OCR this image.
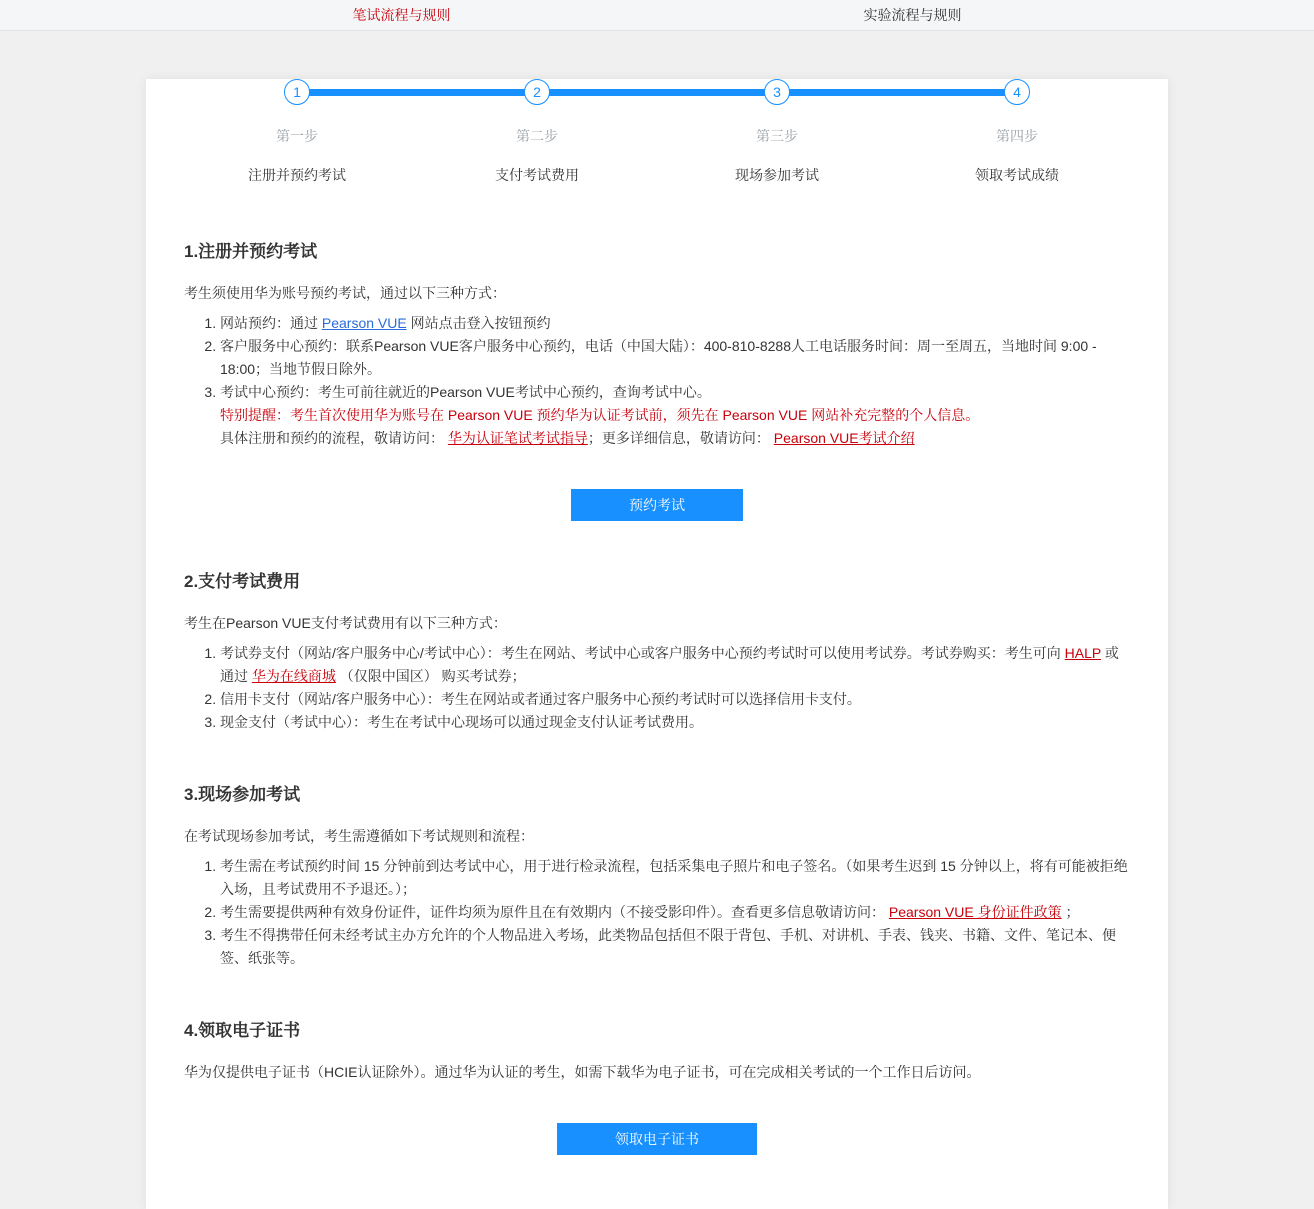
笔试流程与规则	实验流程与规则
1
第一步
注册并预约考试
2
第二步
支付考试费用
3
第三步
现场参加考试
4
第四步
领取考试成绩
1.注册并预约考试

考生须使用华为账号预约考试，通过以下三种方式：

1. 网站预约：通过 Pearson VUE 网站点击登入按钮预约
2. 客户服务中心预约：联系Pearson VUE客户服务中心预约，电话（中国大陆）：400-810-8288人工电话服务时间：周一至周五，当地时间 9:00 - 18:00；当地节假日除外。
3. 考试中心预约：考生可前往就近的Pearson VUE考试中心预约，查询考试中心。
特别提醒：考生首次使用华为账号在 Pearson VUE 预约华为认证考试前，须先在 Pearson VUE 网站补充完整的个人信息。
具体注册和预约的流程，敬请访问： 华为认证笔试考试指导；更多详细信息，敬请访问： Pearson VUE考试介绍
预约考试
2.支付考试费用

考生在Pearson VUE支付考试费用有以下三种方式：

1. 考试券支付（网站/客户服务中心/考试中心）：考生在网站、考试中心或客户服务中心预约考试时可以使用考试券。考试券购买：考生可向 HALP 或通过 华为在线商城 （仅限中国区） 购买考试券；
2. 信用卡支付（网站/客户服务中心）：考生在网站或者通过客户服务中心预约考试时可以选择信用卡支付。
3. 现金支付（考试中心）：考生在考试中心现场可以通过现金支付认证考试费用。
3.现场参加考试

在考试现场参加考试，考生需遵循如下考试规则和流程：

1. 考生需在考试预约时间 15 分钟前到达考试中心，用于进行检录流程，包括采集电子照片和电子签名。（如果考生迟到 15 分钟以上，将有可能被拒绝入场，且考试费用不予退还。）；
2. 考生需要提供两种有效身份证件，证件均须为原件且在有效期内（不接受影印件）。查看更多信息敬请访问： Pearson VUE 身份证件政策 ；
3. 考生不得携带任何未经考试主办方允许的个人物品进入考场，此类物品包括但不限于背包、手机、对讲机、手表、钱夹、书籍、文件、笔记本、便签、纸张等。
4.领取电子证书

华为仅提供电子证书（HCIE认证除外）。通过华为认证的考生，如需下载华为电子证书，可在完成相关考试的一个工作日后访问。

领取电子证书
